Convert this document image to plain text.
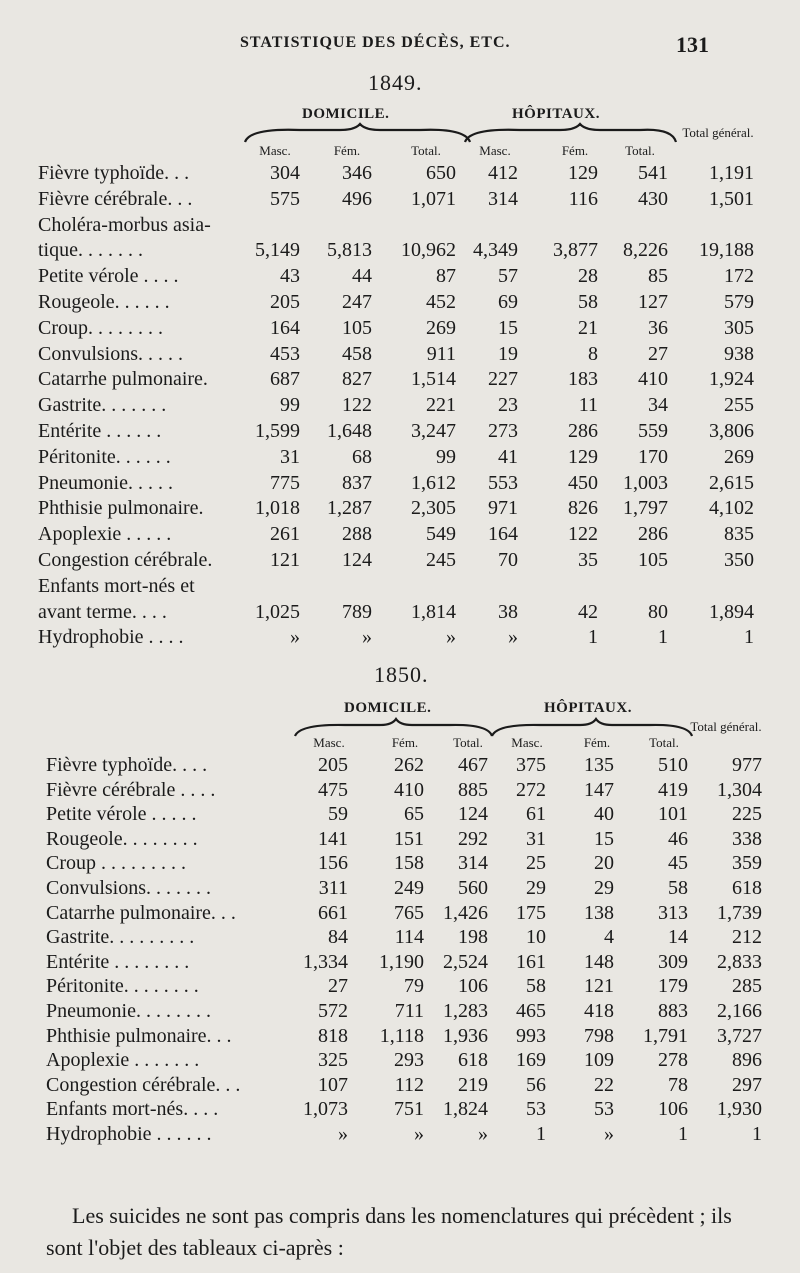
STATISTIQUE DES DÉCÈS, ETC.	131
1849.
DOMICILE.	HÔPITAUX.
Masc.	Fém.	Total.	Masc.	Fém.	Total.
Total général.
Fièvre typhoïde. . .	304	346	650	412	129	541	1,191
Fièvre cérébrale. . .	575	496	1,071	314	116	430	1,501
Choléra-morbus asia-
tique. . . . . . .	5,149	5,813	10,962 4,349	3,877	8,226	19,188
Petite vérole . . . .	43	44	87	57	28	85	172
Rougeole. . . . . .	205	247	452	69	58	127	579
Croup. . . . . . . .	164	105	269	15	21	36	305
Convulsions. . . . .	453	458	911	19	8	27	938
Catarrhe pulmonaire.	687	827	1,514	227	183	410	1,924
Gastrite. . . . . . .	99	122	221	23	11	34	255
Entérite . . . . . .	1,599	1,648	3,247	273	286	559	3,806
Péritonite. . . . . .	31	68	99	41	129	170	269
Pneumonie. . . . .	775	837	1,612	553	450	1,003	2,615
Phthisie pulmonaire.	1,018	1,287	2,305	971	826	1,797	4,102
Apoplexie . . . . .	261	288	549	164	122	286	835
Congestion cérébrale.	121	124	245	70	35	105	350
Enfants mort-nés et
avant terme. . . .	1,025	789	1,814	38	42	80	1,894
Hydrophobie . . . .	»	»	»	»	1	1	1
1850.
DOMICILE.	HÔPITAUX.
Masc.	Fém.	Total.	Masc.	Fém.	Total.
Total général.
Fièvre typhoïde. . . .	205	262	467	375	135	510	977
Fièvre cérébrale . . . .	475	410	885	272	147	419	1,304
Petite vérole . . . . .	59	65	124	61	40	101	225
Rougeole. . . . . . . .	141	151	292	31	15	46	338
Croup . . . . . . . . .	156	158	314	25	20	45	359
Convulsions. . . . . . .	311	249	560	29	29	58	618
Catarrhe pulmonaire. . .	661	765 1,426	175	138	313	1,739
Gastrite. . . . . . . . .	84	114	198	10	4	14	212
Entérite . . . . . . . .	1,334	1,190 2,524	161	148	309	2,833
Péritonite. . . . . . . .	27	79	106	58	121	179	285
Pneumonie. . . . . . . .	572	711 1,283	465	418	883	2,166
Phthisie pulmonaire. . .	818	1,118 1,936	993	798	1,791	3,727
Apoplexie . . . . . . .	325	293	618	169	109	278	896
Congestion cérébrale. . .	107	112	219	56	22	78	297
Enfants mort-nés. . . .	1,073	751 1,824	53	53	106	1,930
Hydrophobie . . . . . .	»	»	»	1	»	1	1

Les suicides ne sont pas compris dans les nomenclatures qui précèdent ; ils sont l'objet des tableaux ci-après :
